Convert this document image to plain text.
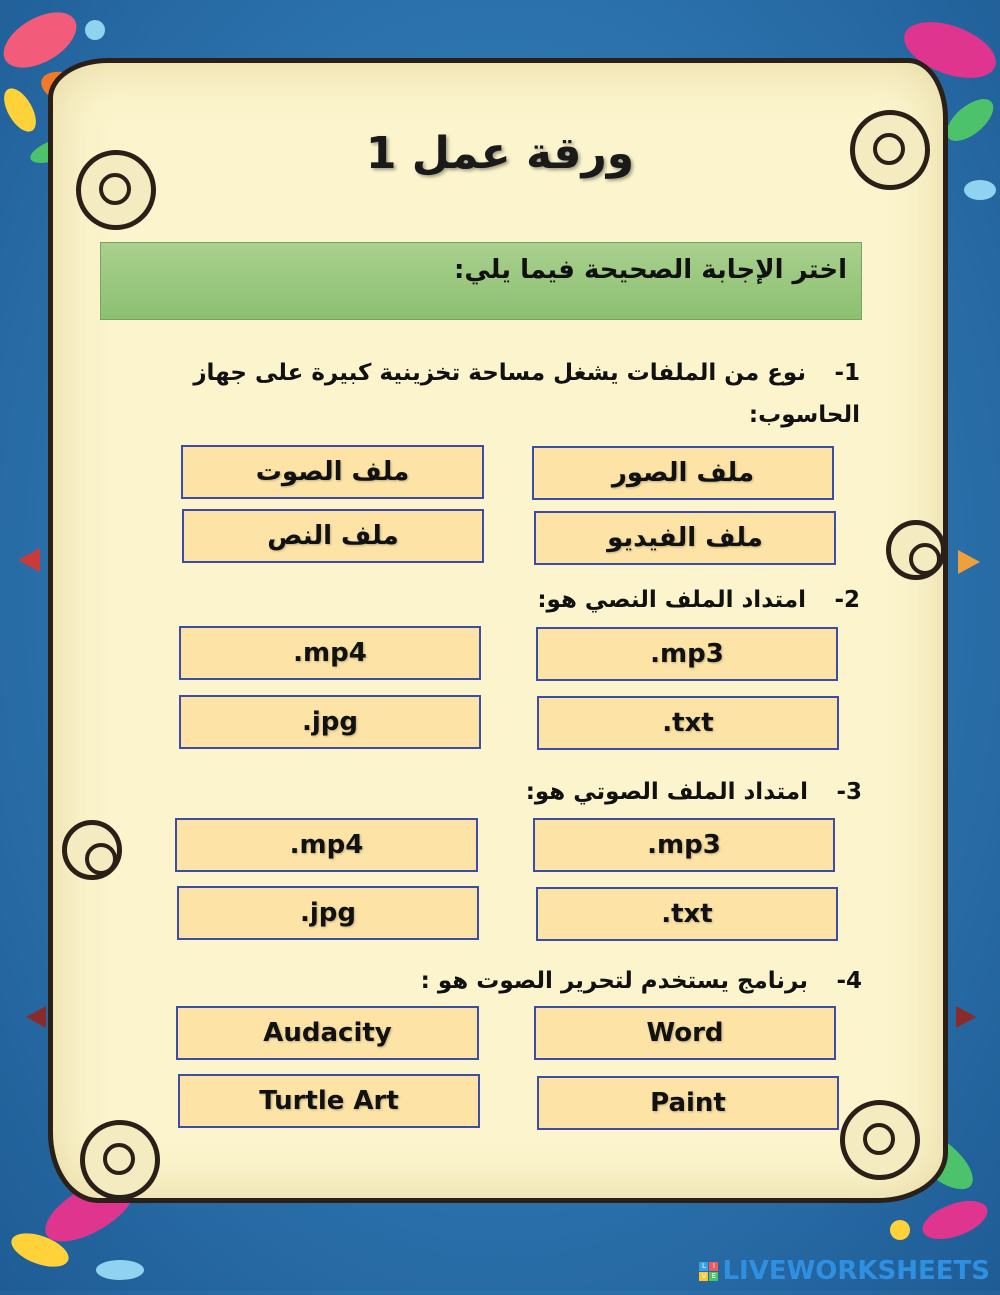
ورقة عمل 1
اختر الإجابة الصحيحة فيما يلي:
1-نوع من الملفات يشغل مساحة تخزينية كبيرة على جهاز الحاسوب:
ملف الصور
ملف الصوت
ملف الفيديو
ملف النص
2-امتداد الملف النصي هو:
.mp3
.mp4
.txt
.jpg
3-امتداد الملف الصوتي هو:
.mp3
.mp4
.txt
.jpg
4-برنامج يستخدم لتحرير الصوت هو :
Word
Audacity
Paint
Turtle Art
L	I
V E LIVEWORKSHEETS
